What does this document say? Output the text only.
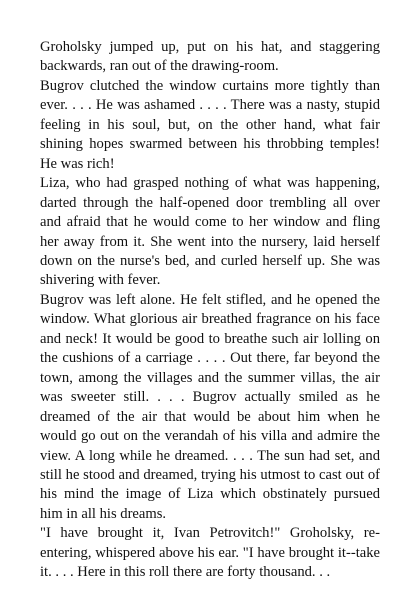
Groholsky jumped up, put on his hat, and staggering backwards, ran out of the drawing-room.

Bugrov clutched the window curtains more tightly than ever. . . . He was ashamed . . . . There was a nasty, stupid feeling in his soul, but, on the other hand, what fair shining hopes swarmed between his throbbing temples! He was rich!

Liza, who had grasped nothing of what was happening, darted through the half-opened door trembling all over and afraid that he would come to her window and fling her away from it. She went into the nursery, laid herself down on the nurse's bed, and curled herself up. She was shivering with fever.

Bugrov was left alone. He felt stifled, and he opened the window. What glorious air breathed fragrance on his face and neck! It would be good to breathe such air lolling on the cushions of a carriage . . . . Out there, far beyond the town, among the villages and the summer villas, the air was sweeter still. . . . Bugrov actually smiled as he dreamed of the air that would be about him when he would go out on the verandah of his villa and admire the view. A long while he dreamed. . . . The sun had set, and still he stood and dreamed, trying his utmost to cast out of his mind the image of Liza which obstinately pursued him in all his dreams.

"I have brought it, Ivan Petrovitch!" Groholsky, re-entering, whispered above his ear. "I have brought it--take it. . . . Here in this roll there are forty thousand. . .
